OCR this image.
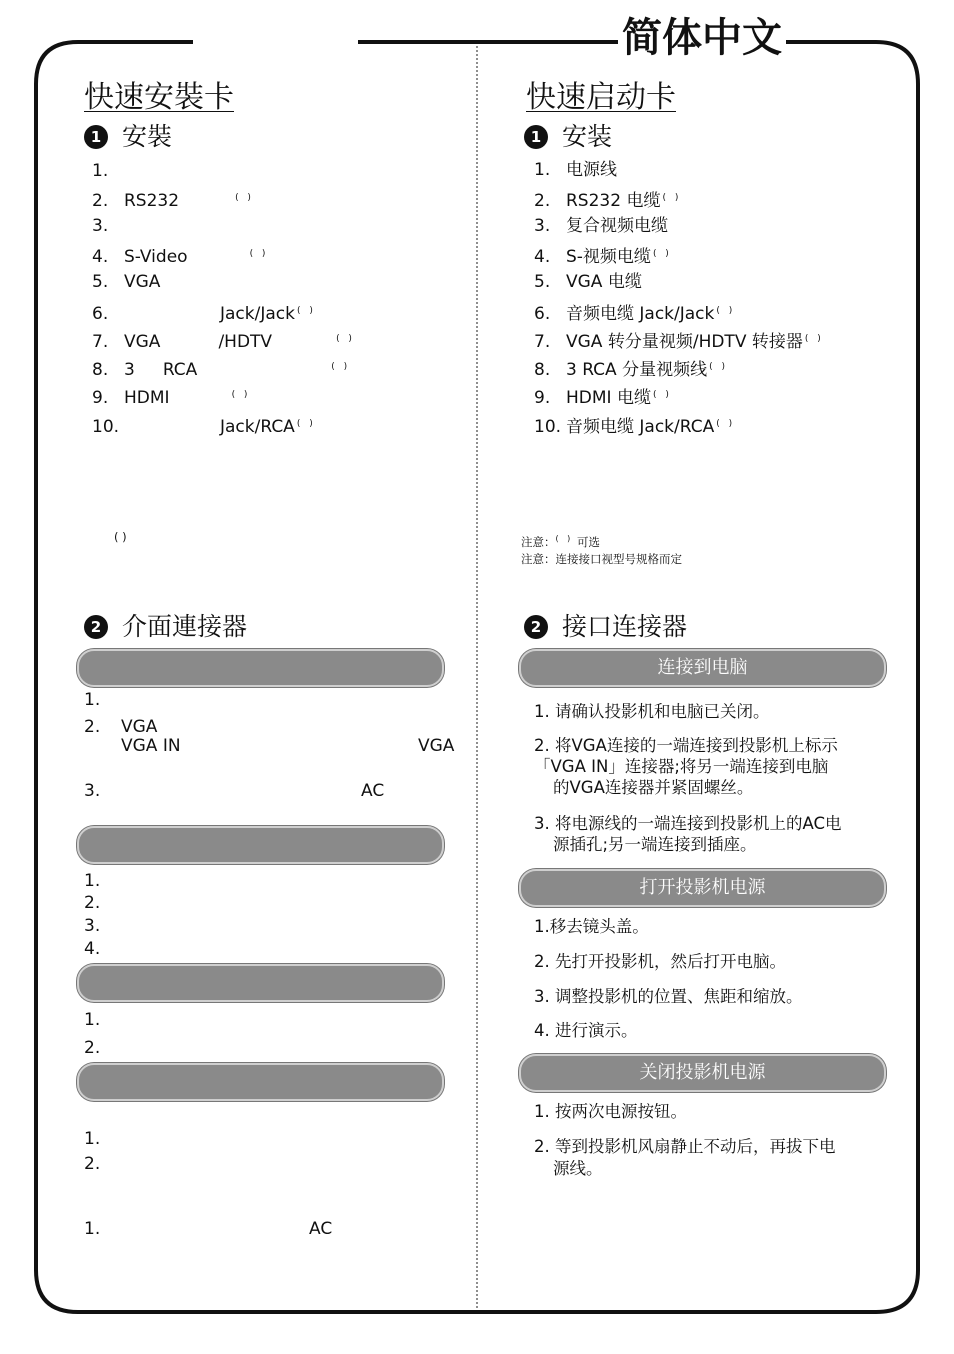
简体中文
快速安裝卡
1 安裝
1.
2. RS232	( )
3.
4. S-Video	( )
5. VGA
6.	Jack/Jack ( )
7. VGA	/HDTV	( )
8. 3 RCA	( )
9. HDMI	( )
10.	Jack/RCA ( )
( )
2 介面連接器
1.
2. VGA
VGA IN	VGA
3.	AC
1.
2.
3.
4.
1.
2.
1.
2.
1.	AC
快速启动卡
1 安装
1. 电源线
2. RS232 电缆 ( )
3. 复合视频电缆
4. S-视频电缆 ( )
5. VGA 电缆
6. 音频电缆 Jack/Jack ( )
7. VGA 转分量视频/HDTV 转接器 ( )
8. 3 RCA 分量视频线 ( )
9. HDMI 电缆 ( )
10. 音频电缆 Jack/RCA ( )
注意：( ) 可选
注意：连接接口视型号规格而定
2 接口连接器
连接到电脑
1. 请确认投影机和电脑已关闭。
2. 将VGA连接的一端连接到投影机上标示
「VGA IN」连接器;将另一端连接到电脑
的VGA连接器并紧固螺丝。
3. 将电源线的一端连接到投影机上的AC电
源插孔;另一端连接到插座。
打开投影机电源
1.移去镜头盖。
2. 先打开投影机，然后打开电脑。
3. 调整投影机的位置、焦距和缩放。
4. 进行演示。
关闭投影机电源
1. 按两次电源按钮。
2. 等到投影机风扇静止不动后，再拔下电
源线。
